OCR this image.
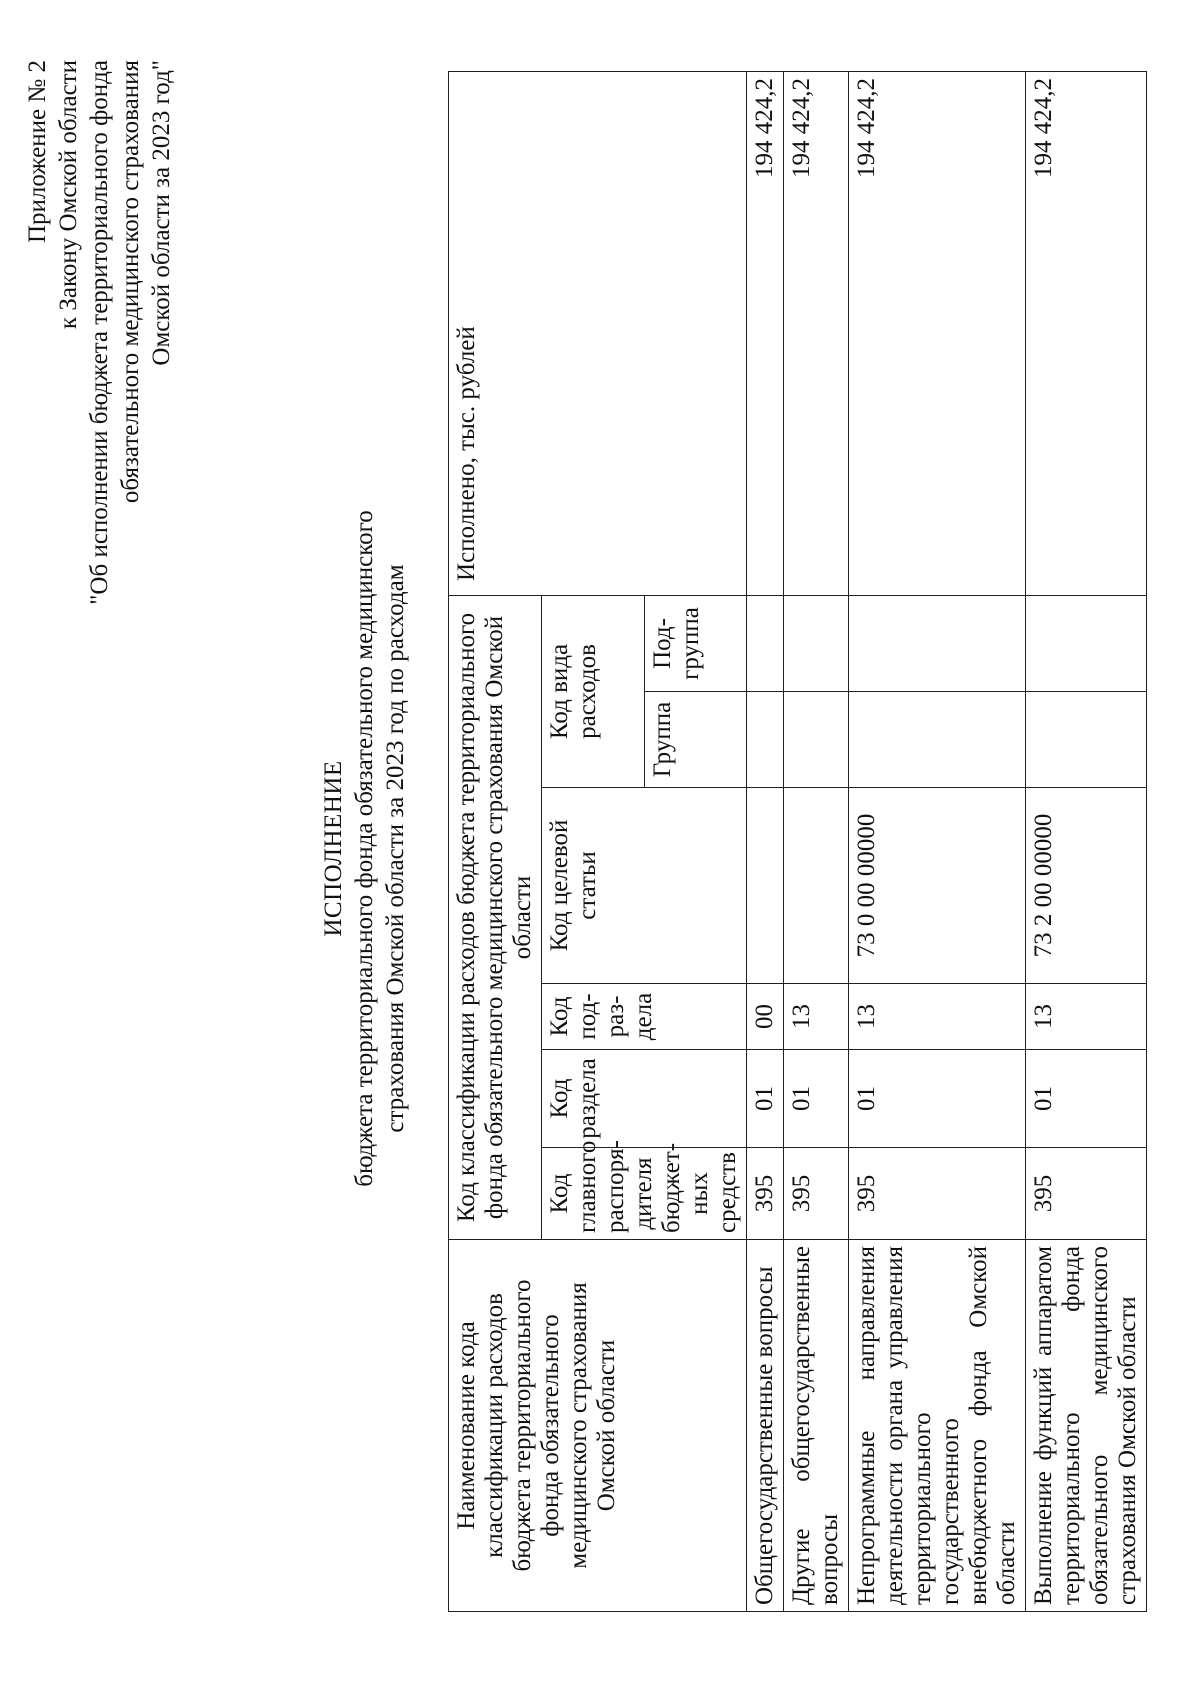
Приложение № 2 к Закону Омской области "Об исполнении бюджета территориального фонда обязательного медицинского страхования Омской области за 2023 год"
ИСПОЛНЕНИЕ бюджета территориального фонда обязательного медицинского страхования Омской области за 2023 год по расходам
Наименование кода классификации расходов бюджета территориального фонда обязательного медицинского страхования Омской области	Код классификации расходов бюджета территориального фонда обязательного медицинского страхования Омской области						Исполнено, тыс. рублей
	Код главного распоря-дителя бюджет-ных средств	Код раздела	Код под-раз-дела	Код целевой статьи	Код вида расходов		
					Группа	Под-группа	
Общегосударственные вопросы	395	01	00				194 424,2
Другие общегосударственные вопросы	395	01	13				194 424,2
Непрограммные направления деятельности органа управления территориального государственного внебюджетного фонда Омской области	395	01	13	73 0 00 00000			194 424,2
Выполнение функций аппаратом территориального фонда обязательного медицинского страхования Омской области	395	01	13	73 2 00 00000			194 424,2
